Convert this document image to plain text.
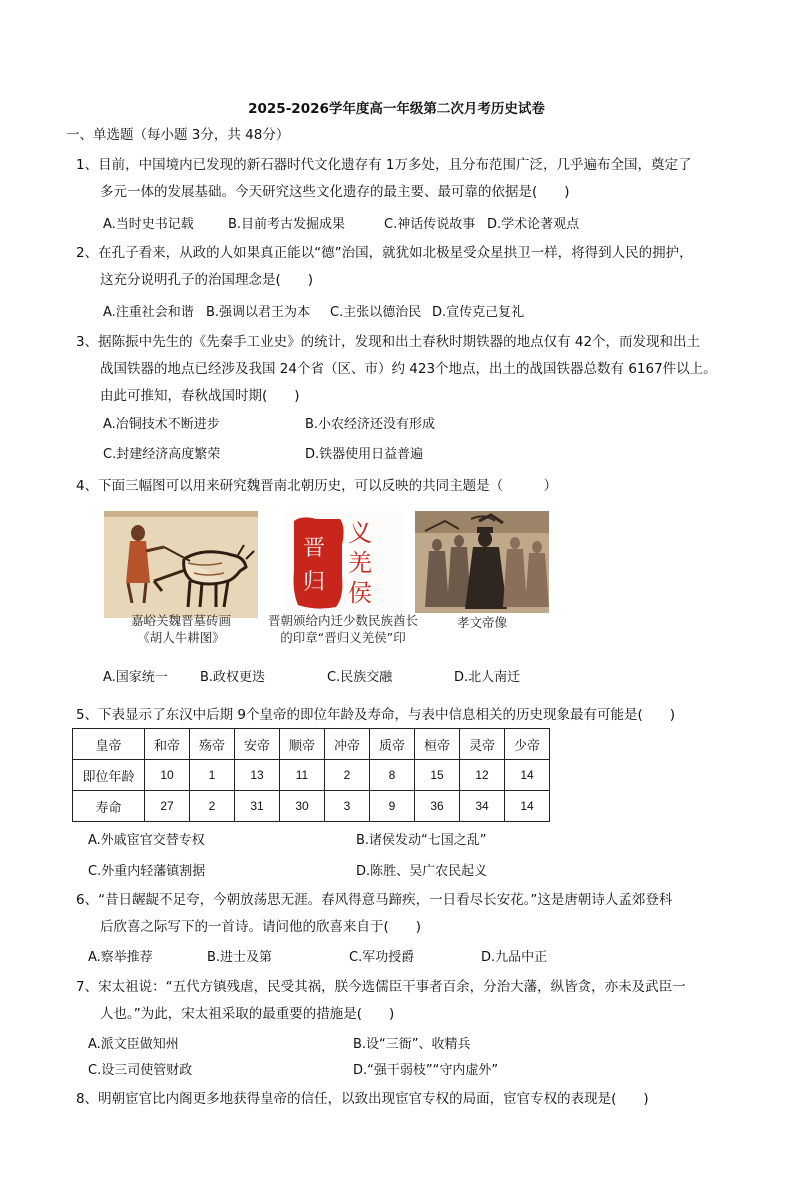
2025-2026学年度高一年级第二次月考历史试卷
一、单选题（每小题 3分，共 48分）
1、目前，中国境内已发现的新石器时代文化遗存有 1万多处，且分布范围广泛，几乎遍布全国，奠定了
多元一体的发展基础。今天研究这些文化遗存的最主要、最可靠的依据是(　　)
A.当时史书记载	B.目前考古发掘成果	C.神话传说故事 D.学术论著观点
2、在孔子看来，从政的人如果真正能以“德”治国，就犹如北极星受众星拱卫一样，将得到人民的拥护，
这充分说明孔子的治国理念是(　　)
A.注重社会和谐 B.强调以君王为本 C.主张以德治民 D.宣传克己复礼
3、据陈振中先生的《先秦手工业史》的统计，发现和出土春秋时期铁器的地点仅有 42个，而发现和出土
战国铁器的地点已经涉及我国 24个省（区、市）约 423个地点，出土的战国铁器总数有 6167件以上。
由此可推知，春秋战国时期(　　)
A.冶铜技术不断进步	B.小农经济还没有形成
C.封建经济高度繁荣	D.铁器使用日益普遍
4、下面三幅图可以用来研究魏晋南北朝历史，可以反映的共同主题是（　　　）
嘉峪关魏晋墓砖画
《胡人牛耕图》
晋
归
义
羌
侯
晋朝颁给内迁少数民族酋长
的印章“晋归义羌侯”印
孝文帝像
A.国家统一 B.政权更迭	C.民族交融	D.北人南迁
5、下表显示了东汉中后期 9个皇帝的即位年龄及寿命，与表中信息相关的历史现象最有可能是(　　)
皇帝	和帝	殇帝	安帝	顺帝	冲帝	质帝	桓帝	灵帝	少帝
即位年龄	10	1	13	11	2	8	15	12	14
寿命	27	2	31	30	3	9	36	34	14
A.外戚宦官交替专权	B.诸侯发动“七国之乱”
C.外重内轻藩镇割据	D.陈胜、吴广农民起义
6、“昔日龌龊不足夸，今朝放荡思无涯。春风得意马蹄疾，一日看尽长安花。”这是唐朝诗人孟郊登科
后欣喜之际写下的一首诗。请问他的欣喜来自于(　　)
A.察举推荐	B.进士及第	C.军功授爵	D.九品中正
7、宋太祖说：“五代方镇残虐，民受其祸，朕今选儒臣干事者百余，分治大藩，纵皆贪，亦未及武臣一
人也。”为此，宋太祖采取的最重要的措施是(　　)
A.派文臣做知州	B.设“三衙”、收精兵
C.设三司使管财政	D.“强干弱枝”“守内虚外”
8、明朝宦官比内阁更多地获得皇帝的信任，以致出现宦官专权的局面，宦官专权的表现是(　　)
